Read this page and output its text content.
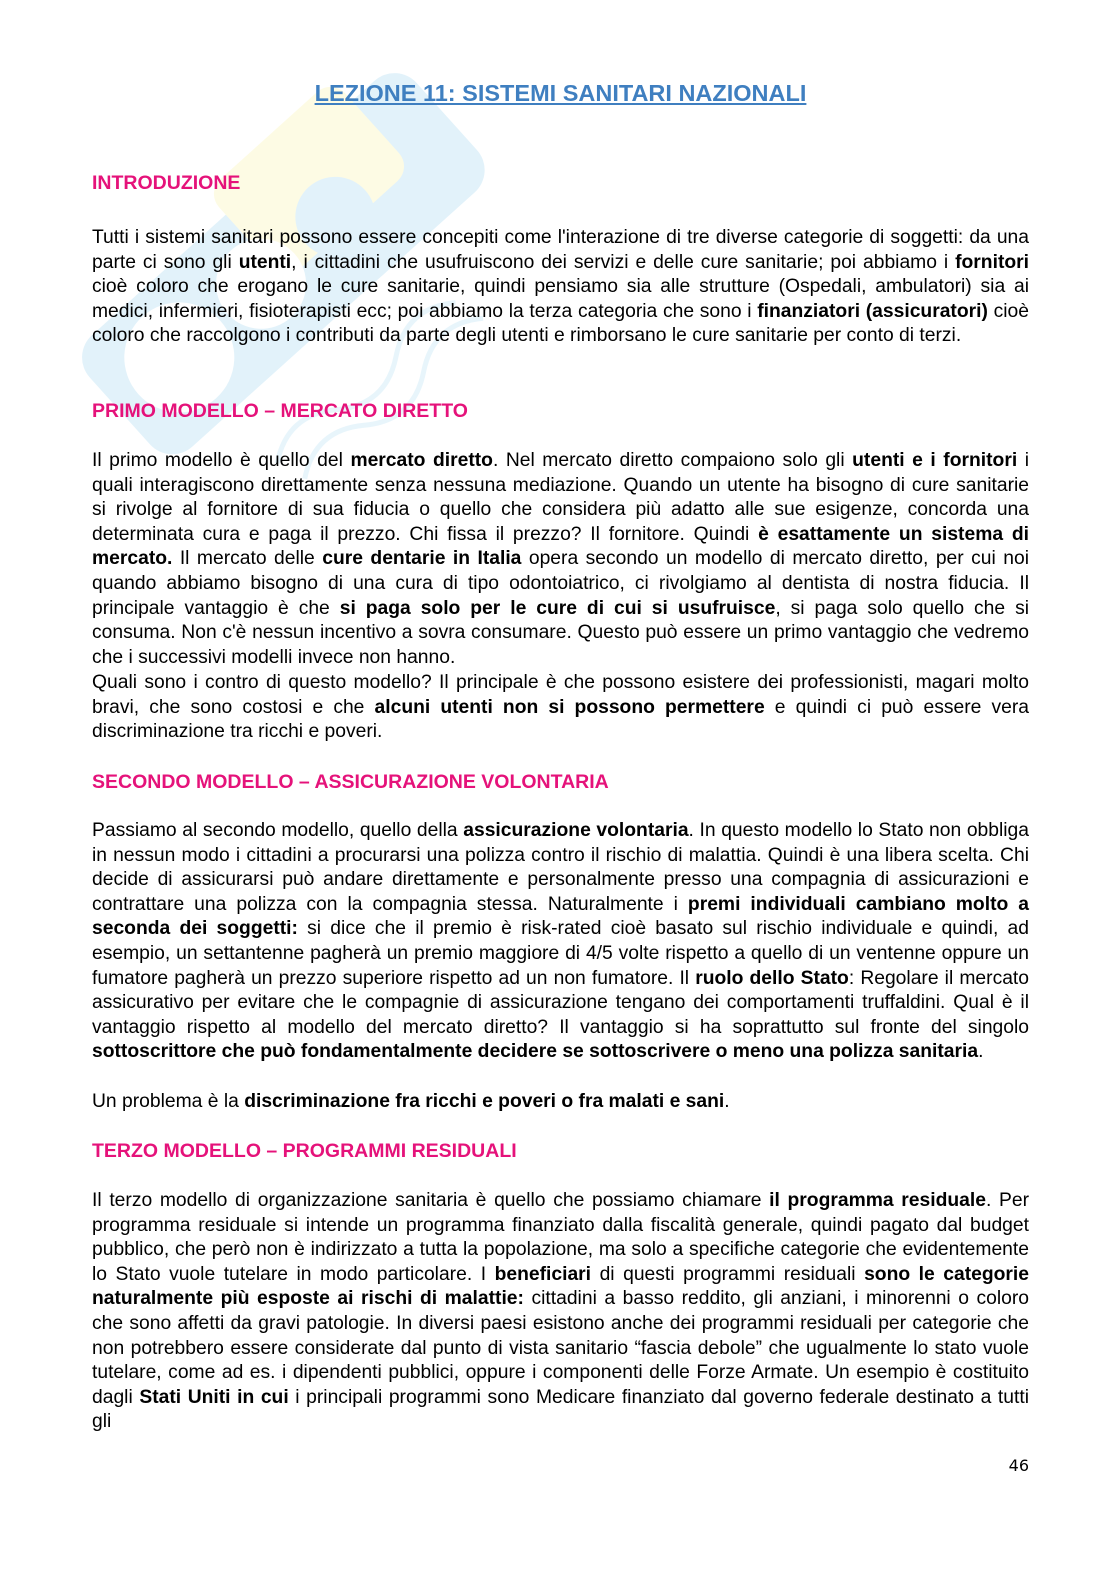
LEZIONE 11: SISTEMI SANITARI NAZIONALI
INTRODUZIONE

Tutti i sistemi sanitari possono essere concepiti come l'interazione di tre diverse categorie di soggetti: da una parte ci sono gli utenti, i cittadini che usufruiscono dei servizi e delle cure sanitarie; poi abbiamo i fornitori cioè coloro che erogano le cure sanitarie, quindi pensiamo sia alle strutture (Ospedali, ambulatori) sia ai medici, infermieri, fisioterapisti ecc; poi abbiamo la terza categoria che sono i finanziatori (assicuratori) cioè coloro che raccolgono i contributi da parte degli utenti e rimborsano le cure sanitarie per conto di terzi.

PRIMO MODELLO – MERCATO DIRETTO

Il primo modello è quello del mercato diretto. Nel mercato diretto compaiono solo gli utenti e i fornitori i quali interagiscono direttamente senza nessuna mediazione. Quando un utente ha bisogno di cure sanitarie si rivolge al fornitore di sua fiducia o quello che considera più adatto alle sue esigenze, concorda una determinata cura e paga il prezzo. Chi fissa il prezzo? Il fornitore. Quindi è esattamente un sistema di mercato. Il mercato delle cure dentarie in Italia opera secondo un modello di mercato diretto, per cui noi quando abbiamo bisogno di una cura di tipo odontoiatrico, ci rivolgiamo al dentista di nostra fiducia. Il principale vantaggio è che si paga solo per le cure di cui si usufruisce, si paga solo quello che si consuma. Non c'è nessun incentivo a sovra consumare. Questo può essere un primo vantaggio che vedremo che i successivi modelli invece non hanno.

Quali sono i contro di questo modello? Il principale è che possono esistere dei professionisti, magari molto bravi, che sono costosi e che alcuni utenti non si possono permettere e quindi ci può essere vera discriminazione tra ricchi e poveri.

SECONDO MODELLO – ASSICURAZIONE VOLONTARIA

Passiamo al secondo modello, quello della assicurazione volontaria. In questo modello lo Stato non obbliga in nessun modo i cittadini a procurarsi una polizza contro il rischio di malattia. Quindi è una libera scelta. Chi decide di assicurarsi può andare direttamente e personalmente presso una compagnia di assicurazioni e contrattare una polizza con la compagnia stessa. Naturalmente i premi individuali cambiano molto a seconda dei soggetti: si dice che il premio è risk-rated cioè basato sul rischio individuale e quindi, ad esempio, un settantenne pagherà un premio maggiore di 4/5 volte rispetto a quello di un ventenne oppure un fumatore pagherà un prezzo superiore rispetto ad un non fumatore. Il ruolo dello Stato: Regolare il mercato assicurativo per evitare che le compagnie di assicurazione tengano dei comportamenti truffaldini. Qual è il vantaggio rispetto al modello del mercato diretto? Il vantaggio si ha soprattutto sul fronte del singolo sottoscrittore che può fondamentalmente decidere se sottoscrivere o meno una polizza sanitaria.

Un problema è la discriminazione fra ricchi e poveri o fra malati e sani.

TERZO MODELLO – PROGRAMMI RESIDUALI

Il terzo modello di organizzazione sanitaria è quello che possiamo chiamare il programma residuale. Per programma residuale si intende un programma finanziato dalla fiscalità generale, quindi pagato dal budget pubblico, che però non è indirizzato a tutta la popolazione, ma solo a specifiche categorie che evidentemente lo Stato vuole tutelare in modo particolare. I beneficiari di questi programmi residuali sono le categorie naturalmente più esposte ai rischi di malattie: cittadini a basso reddito, gli anziani, i minorenni o coloro che sono affetti da gravi patologie. In diversi paesi esistono anche dei programmi residuali per categorie che non potrebbero essere considerate dal punto di vista sanitario “fascia debole” che ugualmente lo stato vuole tutelare, come ad es. i dipendenti pubblici, oppure i componenti delle Forze Armate. Un esempio è costituito dagli Stati Uniti in cui i principali programmi sono Medicare finanziato dal governo federale destinato a tutti gli

46
